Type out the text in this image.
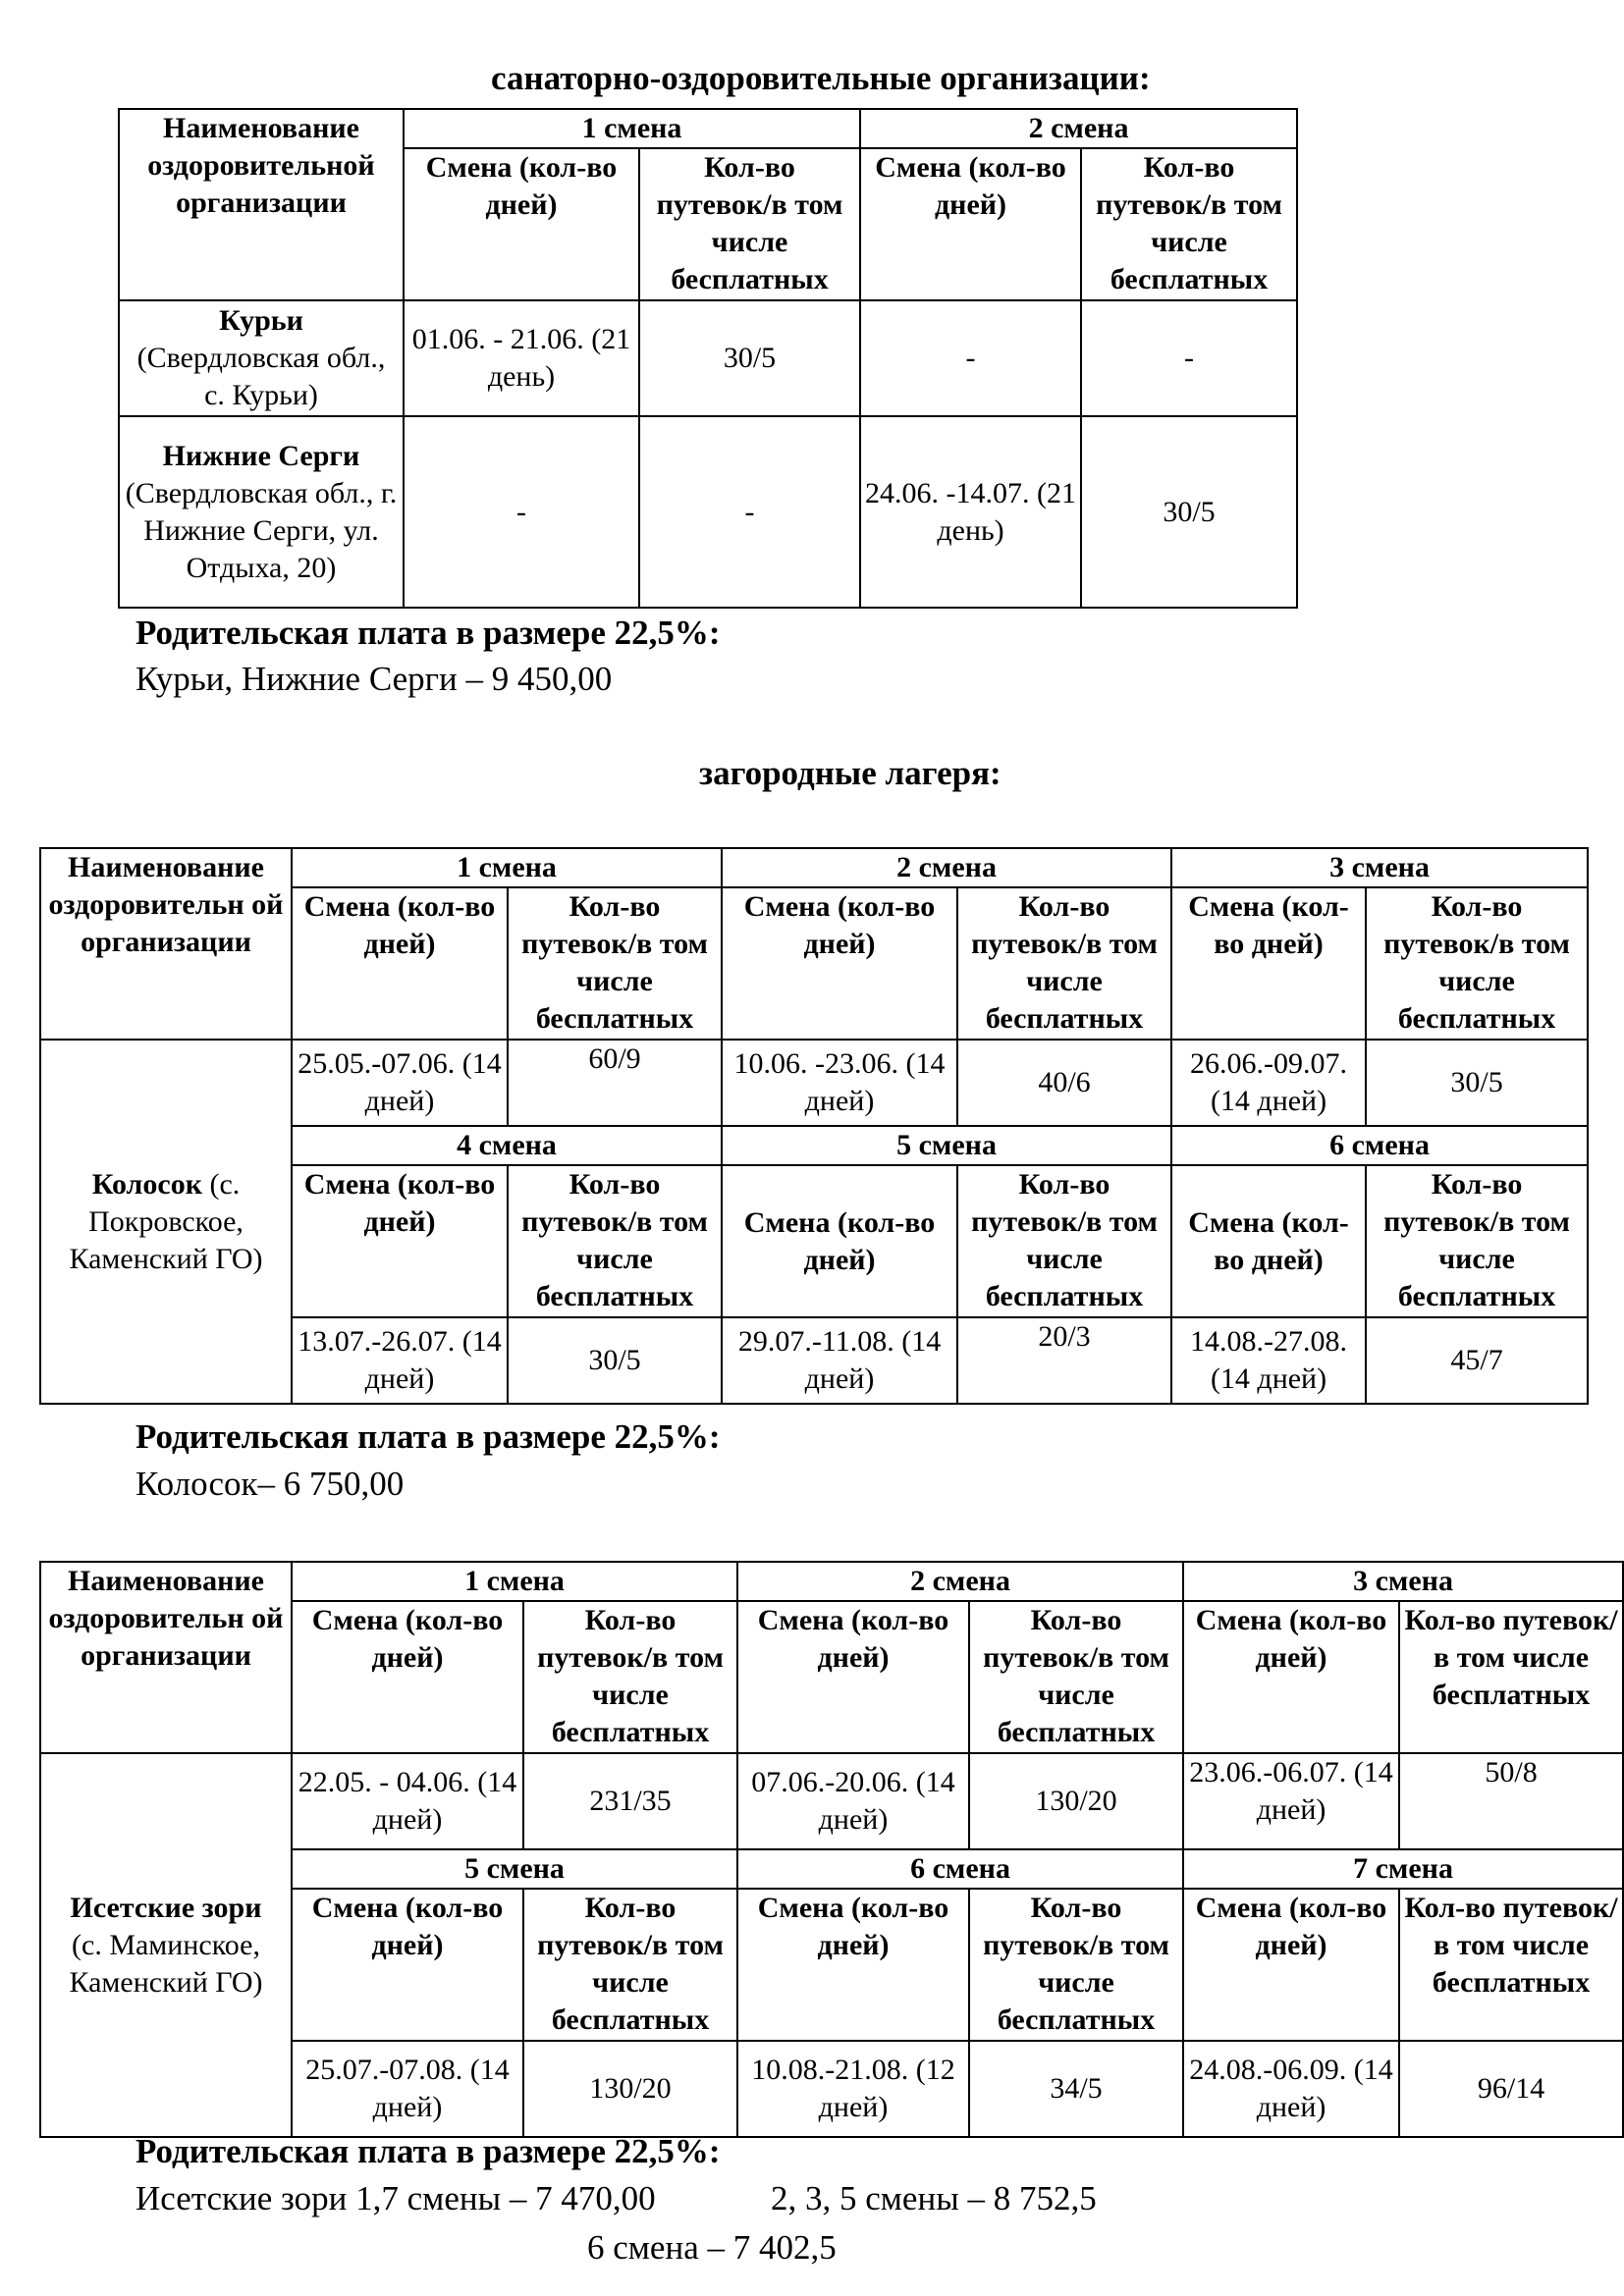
санаторно-оздоровительные организации:
Наименование оздоровительной организации	1 смена		2 смена	
	Смена (кол-во дней)	Кол-во путевок/в том числе бесплатных	Смена (кол-во дней)	Кол-во путевок/в том числе бесплатных

Курьи
(Свердловская обл., с. Курьи)	01.06. - 21.06. (21 день)	30/5	-	-

Нижние Серги
(Свердловская обл., г. Нижние Серги, ул. Отдыха, 20)	-	-	24.06. -14.07. (21 день)	30/5
Родительская плата в размере 22,5%:
Курьи, Нижние Серги – 9 450,00
загородные лагеря:
Наименование оздоровительн ой организации	1 смена		2 смена		3 смена	
	Смена (кол-во дней)	Кол-во путевок/в том числе бесплатных	Смена (кол-во дней)	Кол-во путевок/в том числе бесплатных	Смена (кол-во дней)	Кол-во путевок/в том числе бесплатных
Колосок (с. Покровское, Каменский ГО)	25.05.-07.06. (14 дней)	60/9	10.06. -23.06. (14 дней)	40/6	26.06.-09.07. (14 дней)	30/5
	4 смена		5 смена		6 смена	
	Смена (кол-во дней)	Кол-во путевок/в том числе бесплатных	Смена (кол-во дней)	Кол-во путевок/в том числе бесплатных	Смена (кол-во дней)	Кол-во путевок/в том числе бесплатных
	13.07.-26.07. (14 дней)	30/5	29.07.-11.08. (14 дней)	20/3	14.08.-27.08. (14 дней)	45/7
Родительская плата в размере 22,5%:
Колосок– 6 750,00
Наименование оздоровительн ой организации	1 смена		2 смена		3 смена	
	Смена (кол-во дней)	Кол-во путевок/в том числе бесплатных	Смена (кол-во дней)	Кол-во путевок/в том числе бесплатных	Смена (кол-во дней)	Кол-во путевок/в том числе бесплатных

Исетские зори
(с. Маминское, Каменский ГО)	22.05. - 04.06. (14 дней)	231/35	07.06.-20.06. (14 дней)	130/20	23.06.-06.07. (14 дней)	50/8
	5 смена		6 смена		7 смена	
	Смена (кол-во дней)	Кол-во путевок/в том числе бесплатных	Смена (кол-во дней)	Кол-во путевок/в том числе бесплатных	Смена (кол-во дней)	Кол-во путевок/в том числе бесплатных
	25.07.-07.08. (14 дней)	130/20	10.08.-21.08. (12 дней)	34/5	24.08.-06.09. (14 дней)	96/14
Родительская плата в размере 22,5%:
Исетские зори 1,7 смены – 7 470,00	2, 3, 5 смены – 8 752,5
6 смена – 7 402,5
